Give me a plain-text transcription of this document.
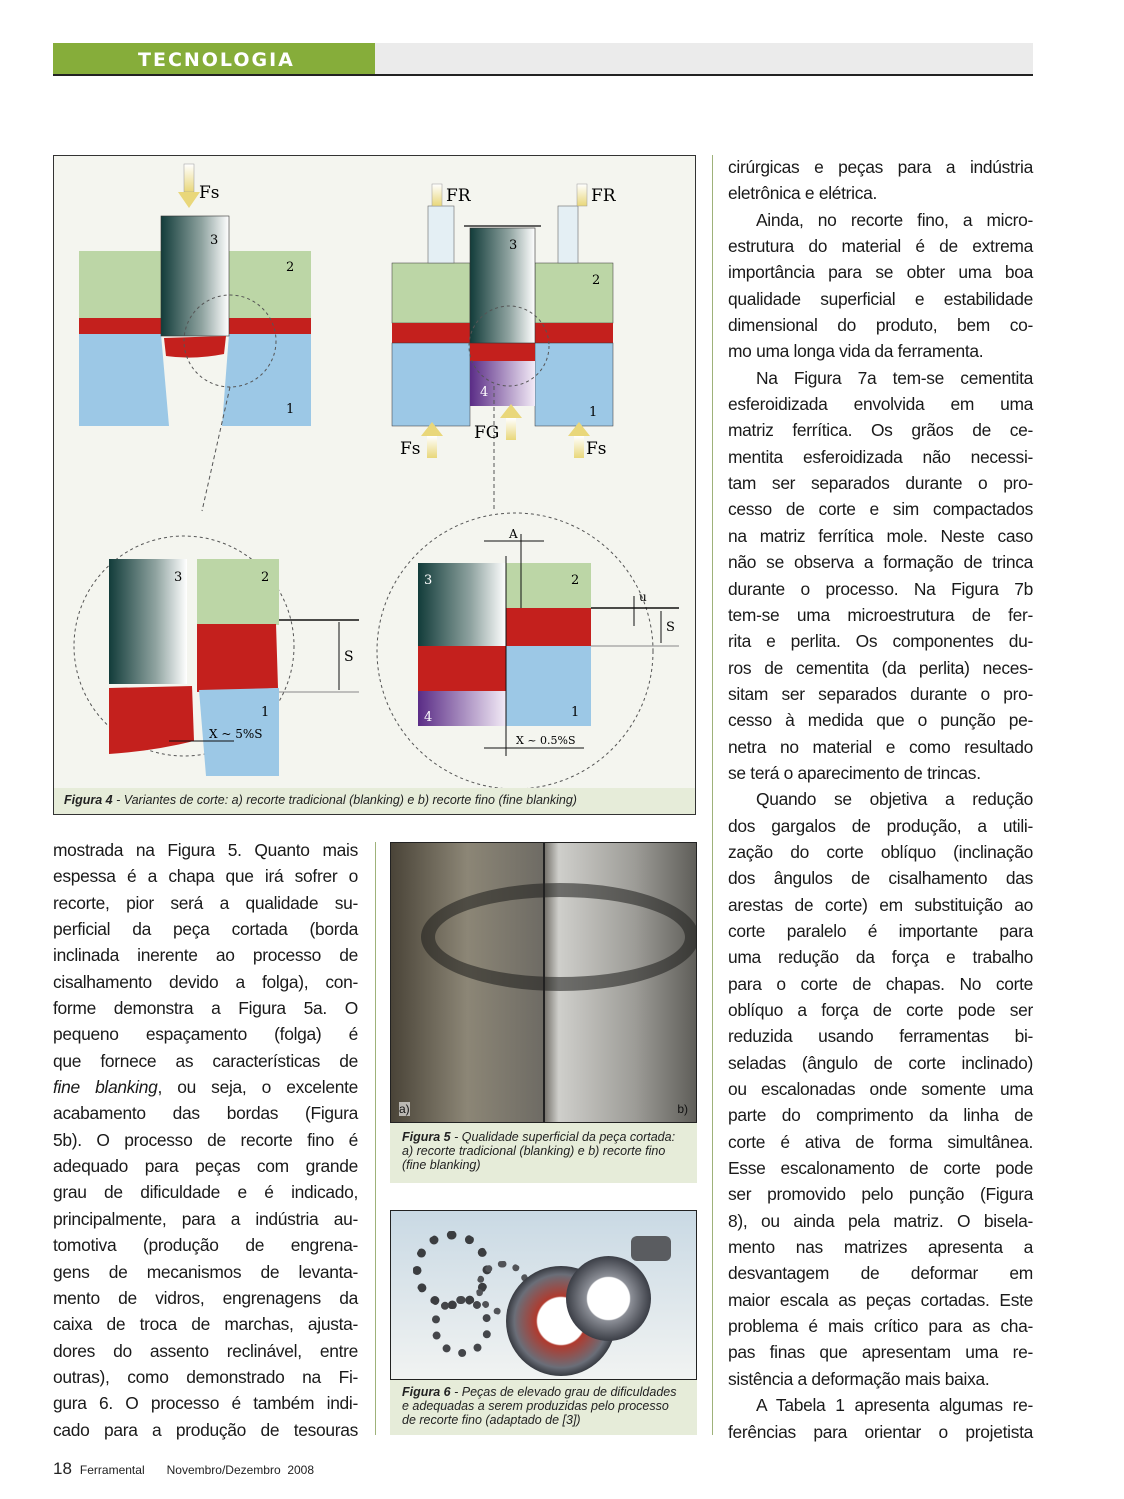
TECNOLOGIA
Fs	FR	FR
Fs
FG
Fs
3
2
1
3
2
4
1
3	2
1
S
X ~ 5%S
3	2
4	1
A
u
S
X ~ 0.5%S
Figura 4 - Variantes de corte: a) recorte tradicional (blanking) e b) recorte fino (fine blanking)
a)	b)
Figura 5 - Qualidade superficial da peça cortada: a) recorte tradicional (blanking) e b) recorte fino (fine blanking)
Figura 6 - Peças de elevado grau de dificuldades e adequadas a serem produzidas pelo processo de recorte fino (adaptado de [3])
mostrada na Figura 5. Quanto mais
espessa é a chapa que irá sofrer o
recorte, pior será a qualidade su-
perficial da peça cortada (borda
inclinada inerente ao processo de
cisalhamento devido a folga), con-
forme demonstra a Figura 5a. O
pequeno espaçamento (folga) é
que fornece as características de
fine blanking, ou seja, o excelente
acabamento das bordas (Figura
5b). O processo de recorte fino é
adequado para peças com grande
grau de dificuldade e é indicado,
principalmente, para a indústria au-
tomotiva (produção de engrena-
gens de mecanismos de levanta-
mento de vidros, engrenagens da
caixa de troca de marchas, ajusta-
dores do assento reclinável, entre
outras), como demonstrado na Fi-
gura 6. O processo é também indi-
cado para a produção de tesouras
cirúrgicas e peças para a indústria
eletrônica e elétrica.
Ainda, no recorte fino, a micro-
estrutura do material é de extrema
importância para se obter uma boa
qualidade superficial e estabilidade
dimensional do produto, bem co-
mo uma longa vida da ferramenta.
Na Figura 7a tem-se cementita
esferoidizada envolvida em uma
matriz ferrítica. Os grãos de ce-
mentita esferoidizada não necessi-
tam ser separados durante o pro-
cesso de corte e sim compactados
na matriz ferrítica mole. Neste caso
não se observa a formação de trinca
durante o processo. Na Figura 7b
tem-se uma microestrutura de fer-
rita e perlita. Os componentes du-
ros de cementita (da perlita) neces-
sitam ser separados durante o pro-
cesso à medida que o punção pe-
netra no material e como resultado
se terá o aparecimento de trincas.
Quando se objetiva a redução
dos gargalos de produção, a utili-
zação do corte oblíquo (inclinação
dos ângulos de cisalhamento das
arestas de corte) em substituição ao
corte paralelo é importante para
uma redução da força e trabalho
para o corte de chapas. No corte
oblíquo a força de corte pode ser
reduzida usando ferramentas bi-
seladas (ângulo de corte inclinado)
ou escalonadas onde somente uma
parte do comprimento da linha de
corte é ativa de forma simultânea.
Esse escalonamento de corte pode
ser promovido pelo punção (Figura
8), ou ainda pela matriz. O bisela-
mento nas matrizes apresenta a
desvantagem de deformar em
maior escala as peças cortadas. Este
problema é mais crítico para as cha-
pas finas que apresentam uma re-
sistência a deformação mais baixa.
A Tabela 1 apresenta algumas re-
ferências para orientar o projetista
18 Ferramental Novembro/Dezembro  2008
